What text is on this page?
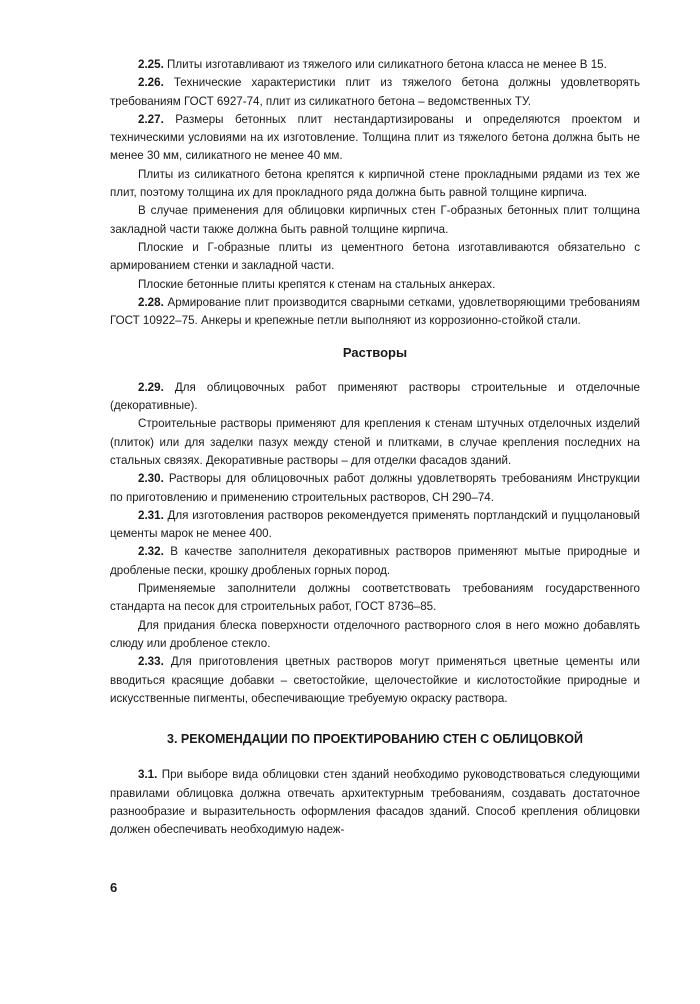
2.25. Плиты изготавливают из тяжелого или силикатного бетона класса не менее В 15.

2.26. Технические характеристики плит из тяжелого бетона должны удовлетворять требованиям ГОСТ 6927-74, плит из силикатного бетона – ведомственных ТУ.

2.27. Размеры бетонных плит нестандартизированы и определяются проектом и техническими условиями на их изготовление. Толщина плит из тяжелого бетона должна быть не менее 30 мм, силикатного не менее 40 мм.

Плиты из силикатного бетона крепятся к кирпичной стене прокладными рядами из тех же плит, поэтому толщина их для прокладного ряда должна быть равной толщине кирпича.

В случае применения для облицовки кирпичных стен Г-образных бетонных плит толщина закладной части также должна быть равной толщине кирпича.

Плоские и Г-образные плиты из цементного бетона изготавливаются обязательно с армированием стенки и закладной части.

Плоские бетонные плиты крепятся к стенам на стальных анкерах.

2.28. Армирование плит производится сварными сетками, удовлетворяющими требованиям ГОСТ 10922–75. Анкеры и крепежные петли выполняют из коррозионно-стойкой стали.

Растворы

2.29. Для облицовочных работ применяют растворы строительные и отделочные (декоративные).

Строительные растворы применяют для крепления к стенам штучных отделочных изделий (плиток) или для заделки пазух между стеной и плитками, в случае крепления последних на стальных связях. Декоративные растворы – для отделки фасадов зданий.

2.30. Растворы для облицовочных работ должны удовлетворять требованиям Инструкции по приготовлению и применению строительных растворов, СН 290–74.

2.31. Для изготовления растворов рекомендуется применять портландский и пуццолановый цементы марок не менее 400.

2.32. В качестве заполнителя декоративных растворов применяют мытые природные и дробленые пески, крошку дробленых горных пород.

Применяемые заполнители должны соответствовать требованиям государственного стандарта на песок для строительных работ, ГОСТ 8736–85.

Для придания блеска поверхности отделочного растворного слоя в него можно добавлять слюду или дробленое стекло.

2.33. Для приготовления цветных растворов могут применяться цветные цементы или вводиться красящие добавки – светостойкие, щелочестойкие и кислотостойкие природные и искусственные пигменты, обеспечивающие требуемую окраску раствора.

3. РЕКОМЕНДАЦИИ ПО ПРОЕКТИРОВАНИЮ СТЕН С ОБЛИЦОВКОЙ

3.1. При выборе вида облицовки стен зданий необходимо руководствоваться следующими правилами облицовка должна отвечать архитектурным требованиям, создавать достаточное разнообразие и выразительность оформления фасадов зданий. Способ крепления облицовки должен обеспечивать необходимую надеж-

6
